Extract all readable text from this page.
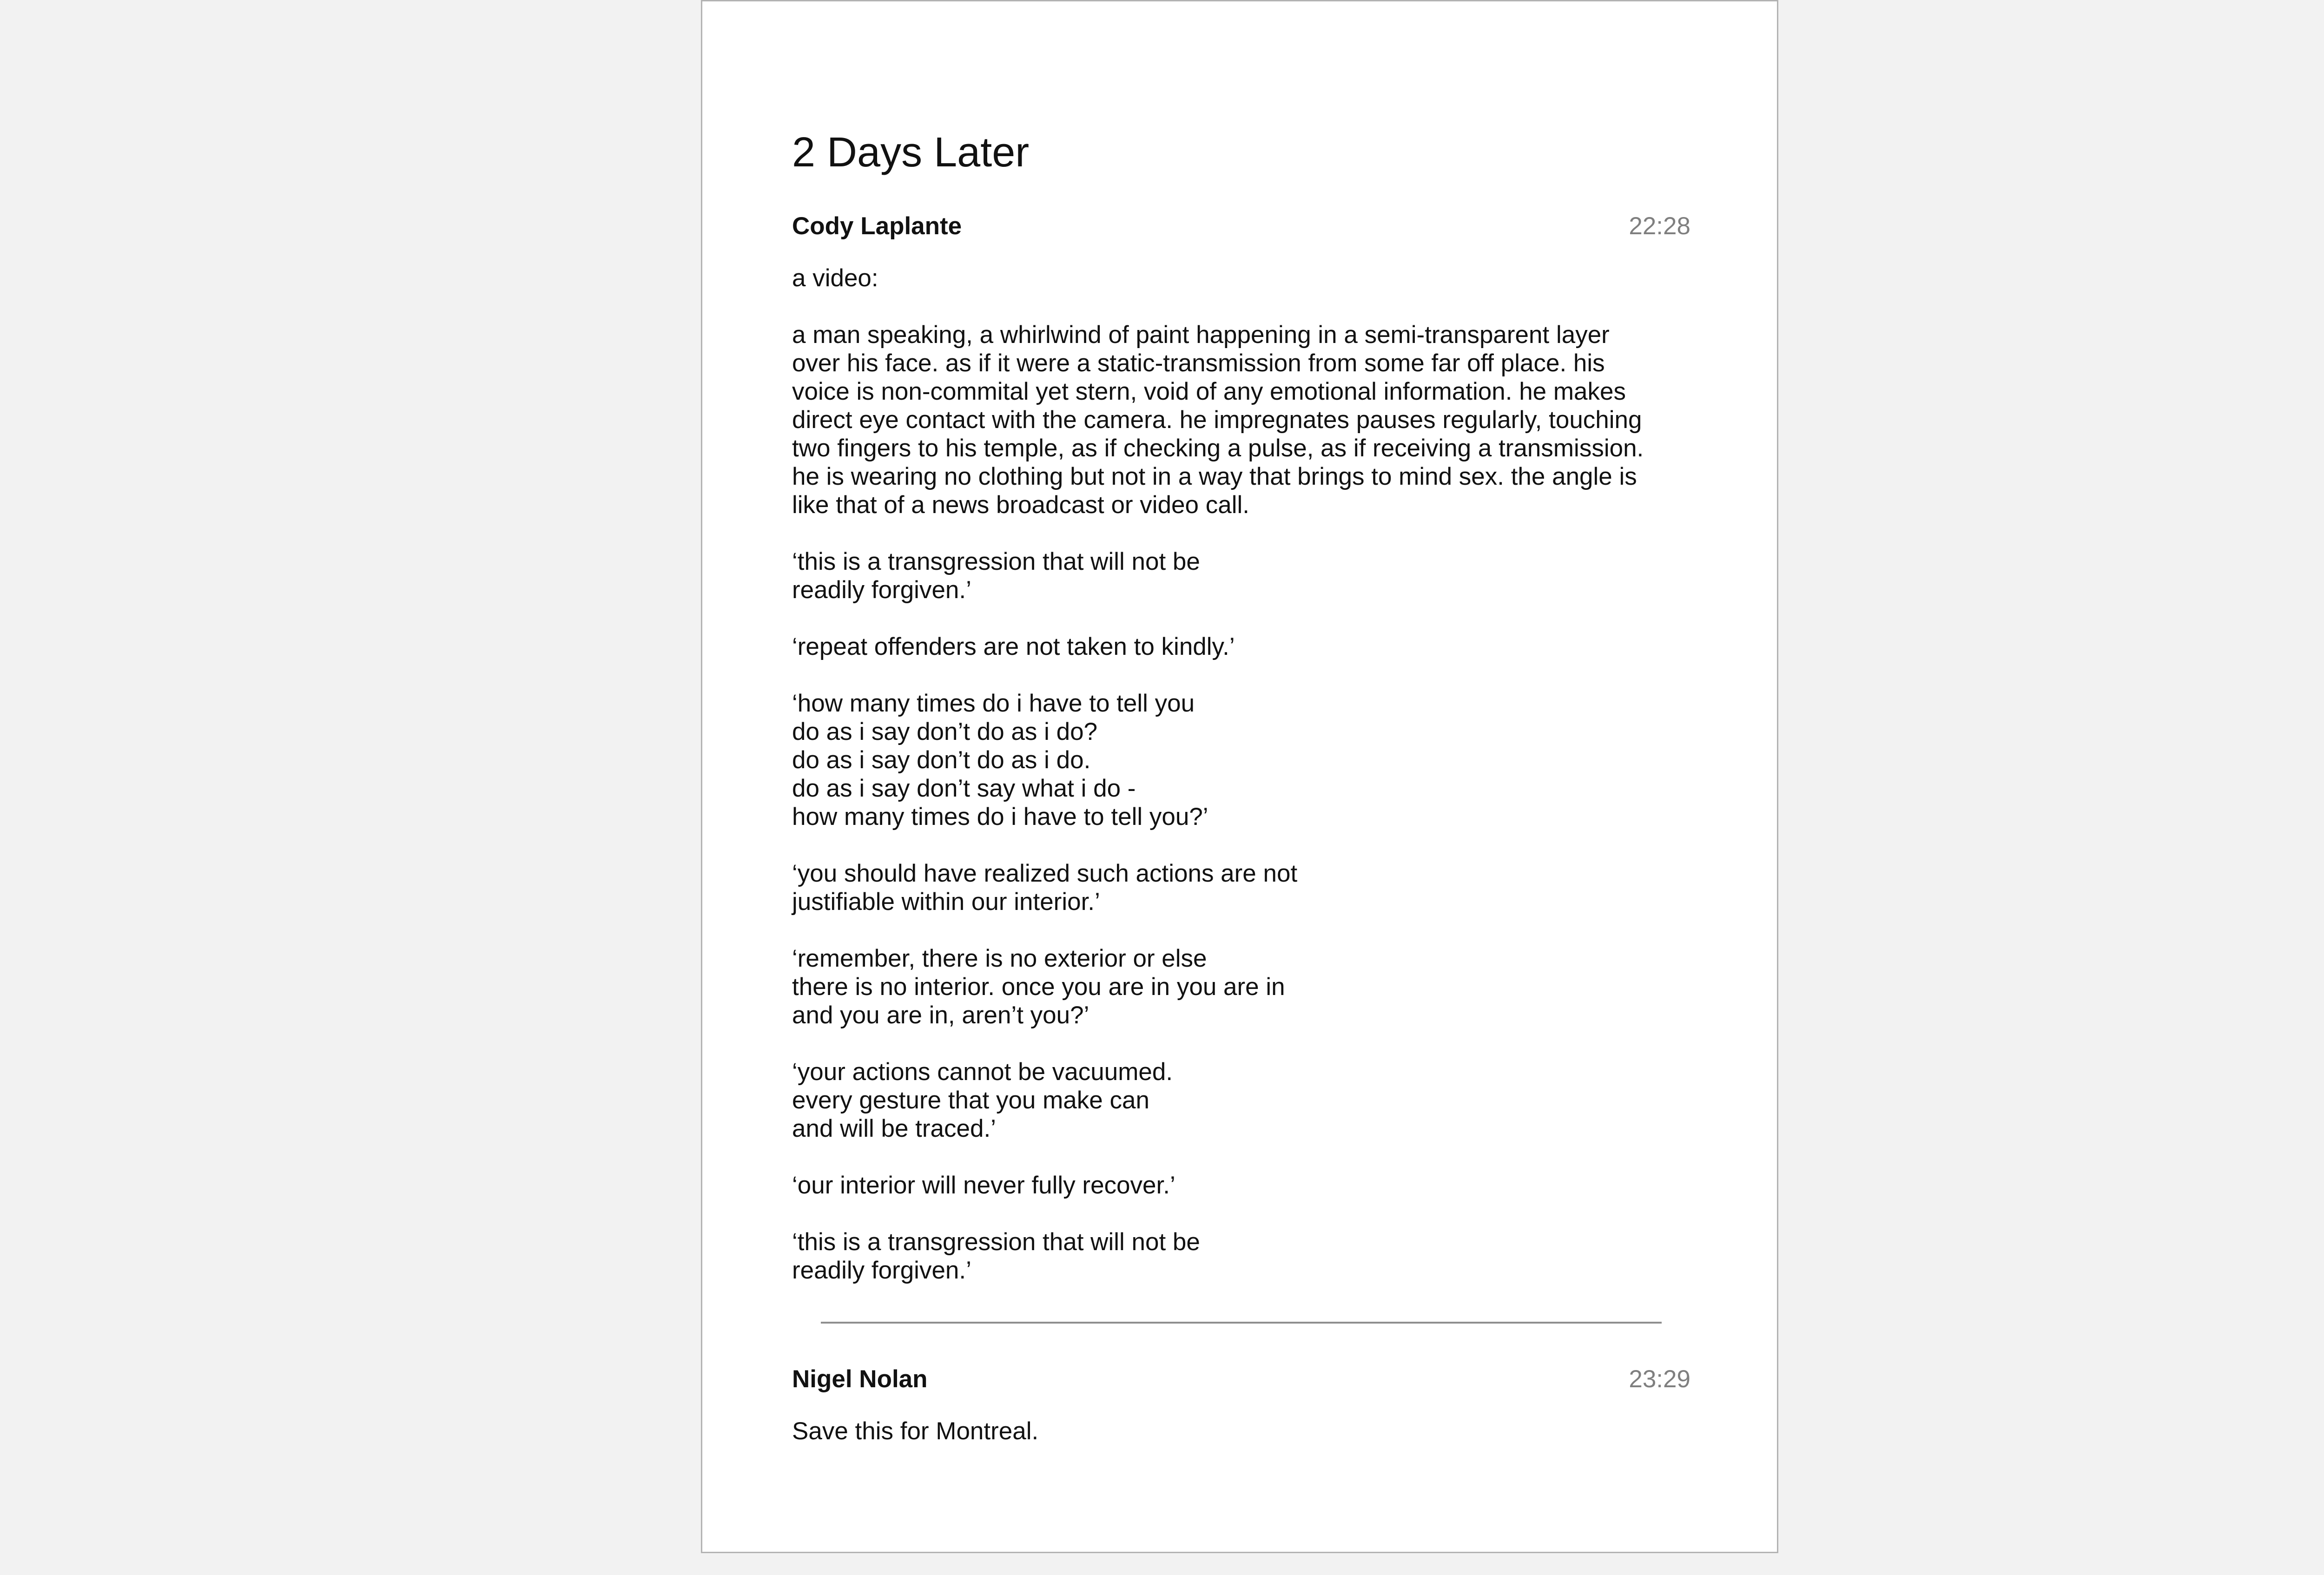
2 Days Later
Cody Laplante	22:28

a video:

a man speaking, a whirlwind of paint happening in a semi-transparent layer
over his face. as if it were a static-transmission from some far off place. his
voice is non-commital yet stern, void of any emotional information. he makes
direct eye contact with the camera. he impregnates pauses regularly, touching
two fingers to his temple, as if checking a pulse, as if receiving a transmission.
he is wearing no clothing but not in a way that brings to mind sex. the angle is
like that of a news broadcast or video call.

‘this is a transgression that will not be
readily forgiven.’

‘repeat offenders are not taken to kindly.’

‘how many times do i have to tell you
do as i say don’t do as i do?
do as i say don’t do as i do.
do as i say don’t say what i do -
how many times do i have to tell you?’

‘you should have realized such actions are not
justifiable within our interior.’

‘remember, there is no exterior or else
there is no interior. once you are in you are in
and you are in, aren’t you?’

‘your actions cannot be vacuumed.
every gesture that you make can
and will be traced.’

‘our interior will never fully recover.’

‘this is a transgression that will not be
readily forgiven.’

Nigel Nolan	23:29

Save this for Montreal.
